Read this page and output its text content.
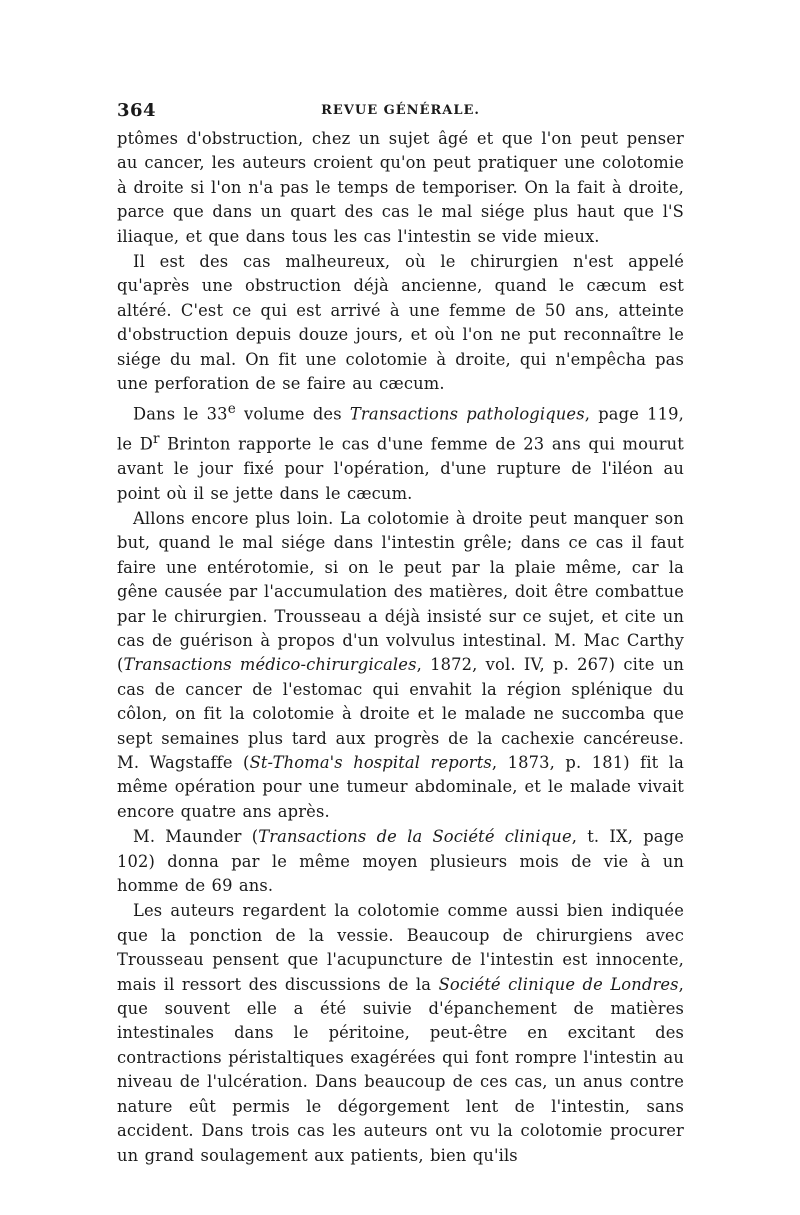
364	REVUE GÉNÉRALE.

ptômes d'obstruction, chez un sujet âgé et que l'on peut penser au cancer, les auteurs croient qu'on peut pratiquer une colotomie à droite si l'on n'a pas le temps de temporiser. On la fait à droite, parce que dans un quart des cas le mal siége plus haut que l'S iliaque, et que dans tous les cas l'intestin se vide mieux.

Il est des cas malheureux, où le chirurgien n'est appelé qu'après une obstruction déjà ancienne, quand le cæcum est altéré. C'est ce qui est arrivé à une femme de 50 ans, atteinte d'obstruction depuis douze jours, et où l'on ne put reconnaître le siége du mal. On fit une colotomie à droite, qui n'empêcha pas une perforation de se faire au cæcum.

Dans le 33e volume des Transactions pathologiques, page 119, le $D^r$ Brinton rapporte le cas d'une femme de 23 ans qui mourut avant le jour fixé pour l'opération, d'une rupture de l'iléon au point où il se jette dans le cæcum.

Allons encore plus loin. La colotomie à droite peut manquer son but, quand le mal siége dans l'intestin grêle; dans ce cas il faut faire une entérotomie, si on le peut par la plaie même, car la gêne causée par l'accumulation des matières, doit être combattue par le chirurgien. Trousseau a déjà insisté sur ce sujet, et cite un cas de guérison à propos d'un volvulus intestinal. M. Mac Carthy (Transactions médico-chirurgicales, 1872, vol. IV, p. 267) cite un cas de cancer de l'estomac qui envahit la région splénique du côlon, on fit la colotomie à droite et le malade ne succomba que sept semaines plus tard aux progrès de la cachexie cancéreuse. M. Wagstaffe (St-Thoma's hospital reports, 1873, p. 181) fit la même opération pour une tumeur abdominale, et le malade vivait encore quatre ans après.

M. Maunder (Transactions de la Société clinique, t. IX, page 102) donna par le même moyen plusieurs mois de vie à un homme de 69 ans.

Les auteurs regardent la colotomie comme aussi bien indiquée que la ponction de la vessie. Beaucoup de chirurgiens avec Trousseau pensent que l'acupuncture de l'intestin est innocente, mais il ressort des discussions de la Société clinique de Londres, que souvent elle a été suivie d'épanchement de matières intestinales dans le péritoine, peut-être en excitant des contractions péristaltiques exagérées qui font rompre l'intestin au niveau de l'ulcération. Dans beaucoup de ces cas, un anus contre nature eût permis le dégorgement lent de l'intestin, sans accident. Dans trois cas les auteurs ont vu la colotomie procurer un grand soulagement aux patients, bien qu'ils
